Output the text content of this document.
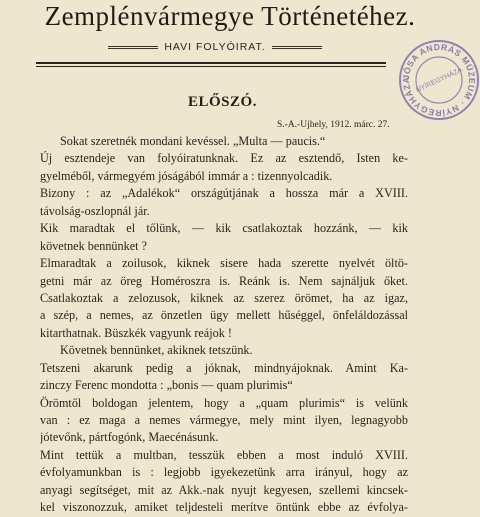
Zemplénvármegye Történetéhez.
HAVI FOLYÓIRAT.
JÓSA ANDRÁS MÚZEUM · NYÍREGYHÁZA NYÍREGYHÁZA
ELŐSZÓ.
S.-A.-Ujhely, 1912. márc. 27.
Sokat szeretnék mondani kevéssel. „Multa — paucis.“
Új esztendeje van folyóiratunknak. Ez az esztendő, Isten ke-
gyelméből, vármegyém jóságából immár a : tizennyolcadik.
Bizony : az „Adalékok“ országútjának a hossza már a XVIII.
távolság-oszlopnál jár.
Kik maradtak el tőlünk, — kik csatlakoztak hozzánk, — kik
követnek bennünket ?
Elmaradtak a zoilusok, kiknek sisere hada szerette nyelvét öltö-
getni már az öreg Homéroszra is. Reánk is. Nem sajnáljuk őket.
Csatlakoztak a zelozusok, kiknek az szerez örömet, ha az igaz,
a szép, a nemes, az önzetlen ügy mellett hűséggel, önfeláldozással
kitarthatnak. Büszkék vagyunk reájok !
Követnek bennünket, akiknek tetszünk.
Tetszeni akarunk pedig a jóknak, mindnyájoknak. Amint Ka-
zinczy Ferenc mondotta : „bonis — quam plurimis“
Örömtől boldogan jelentem, hogy a „quam plurimis“ is velünk
van : ez maga a nemes vármegye, mely mint ilyen, legnagyobb
jótevőnk, pártfogónk, Maecénásunk.
Mint tettük a multban, tesszük ebben a most induló XVIII.
évfolyamunkban is : legjobb igyekezetünk arra irányul, hogy az
anyagi segítséget, mit az Akk.-nak nyujt kegyesen, szellemi kincsek-
kel viszonozzuk, amiket teljdesteli merítve öntünk ebbe az évfolya-
